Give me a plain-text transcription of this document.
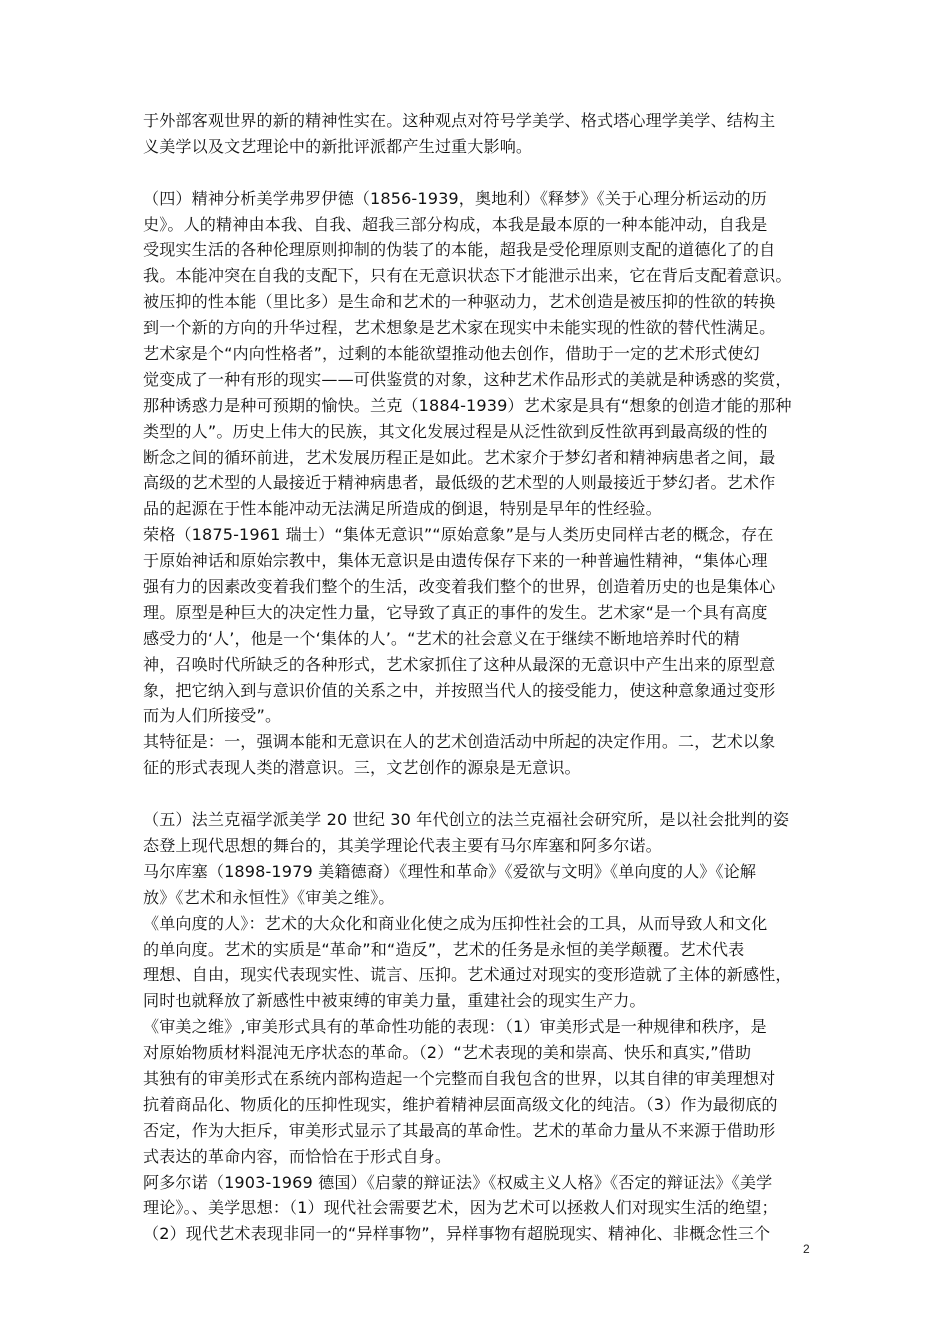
于外部客观世界的新的精神性实在。这种观点对符号学美学、格式塔心理学美学、结构主
义美学以及文艺理论中的新批评派都产生过重大影响。
（四）精神分析美学弗罗伊德（1856-1939，奥地利）《释梦》《关于心理分析运动的历
史》。人的精神由本我、自我、超我三部分构成，本我是最本原的一种本能冲动，自我是
受现实生活的各种伦理原则抑制的伪装了的本能，超我是受伦理原则支配的道德化了的自
我。本能冲突在自我的支配下，只有在无意识状态下才能泄示出来，它在背后支配着意识。
被压抑的性本能（里比多）是生命和艺术的一种驱动力，艺术创造是被压抑的性欲的转换
到一个新的方向的升华过程，艺术想象是艺术家在现实中未能实现的性欲的替代性满足。
艺术家是个“内向性格者”，过剩的本能欲望推动他去创作，借助于一定的艺术形式使幻
觉变成了一种有形的现实——可供鉴赏的对象，这种艺术作品形式的美就是种诱惑的奖赏，
那种诱惑力是种可预期的愉快。兰克（1884-1939）艺术家是具有“想象的创造才能的那种
类型的人”。历史上伟大的民族，其文化发展过程是从泛性欲到反性欲再到最高级的性的
断念之间的循环前进，艺术发展历程正是如此。艺术家介于梦幻者和精神病患者之间，最
高级的艺术型的人最接近于精神病患者，最低级的艺术型的人则最接近于梦幻者。艺术作
品的起源在于性本能冲动无法满足所造成的倒退，特别是早年的性经验。
荣格（1875-1961 瑞士）“集体无意识”“原始意象”是与人类历史同样古老的概念，存在
于原始神话和原始宗教中，集体无意识是由遗传保存下来的一种普遍性精神，“集体心理
强有力的因素改变着我们整个的生活，改变着我们整个的世界，创造着历史的也是集体心
理。原型是种巨大的决定性力量，它导致了真正的事件的发生。艺术家“是一个具有高度
感受力的‘人’，他是一个‘集体的人’。“艺术的社会意义在于继续不断地培养时代的精
神，召唤时代所缺乏的各种形式，艺术家抓住了这种从最深的无意识中产生出来的原型意
象，把它纳入到与意识价值的关系之中，并按照当代人的接受能力，使这种意象通过变形
而为人们所接受”。
其特征是：一，强调本能和无意识在人的艺术创造活动中所起的决定作用。二，艺术以象
征的形式表现人类的潜意识。三，文艺创作的源泉是无意识。
（五）法兰克福学派美学 20 世纪 30 年代创立的法兰克福社会研究所，是以社会批判的姿
态登上现代思想的舞台的，其美学理论代表主要有马尔库塞和阿多尔诺。
马尔库塞（1898-1979 美籍德裔）《理性和革命》《爱欲与文明》《单向度的人》《论解
放》《艺术和永恒性》《审美之维》。
《单向度的人》：艺术的大众化和商业化使之成为压抑性社会的工具，从而导致人和文化
的单向度。艺术的实质是“革命”和“造反”，艺术的任务是永恒的美学颠覆。艺术代表
理想、自由，现实代表现实性、谎言、压抑。艺术通过对现实的变形造就了主体的新感性，
同时也就释放了新感性中被束缚的审美力量，重建社会的现实生产力。
《审美之维》,审美形式具有的革命性功能的表现：（1）审美形式是一种规律和秩序，是
对原始物质材料混沌无序状态的革命。（2）“艺术表现的美和崇高、快乐和真实,”借助
其独有的审美形式在系统内部构造起一个完整而自我包含的世界，以其自律的审美理想对
抗着商品化、物质化的压抑性现实，维护着精神层面高级文化的纯洁。（3）作为最彻底的
否定，作为大拒斥，审美形式显示了其最高的革命性。艺术的革命力量从不来源于借助形
式表达的革命内容，而恰恰在于形式自身。
阿多尔诺（1903-1969 德国）《启蒙的辩证法》《权威主义人格》《否定的辩证法》《美学
理论》。、美学思想：（1）现代社会需要艺术，因为艺术可以拯救人们对现实生活的绝望；
（2）现代艺术表现非同一的“异样事物”，异样事物有超脱现实、精神化、非概念性三个
2
